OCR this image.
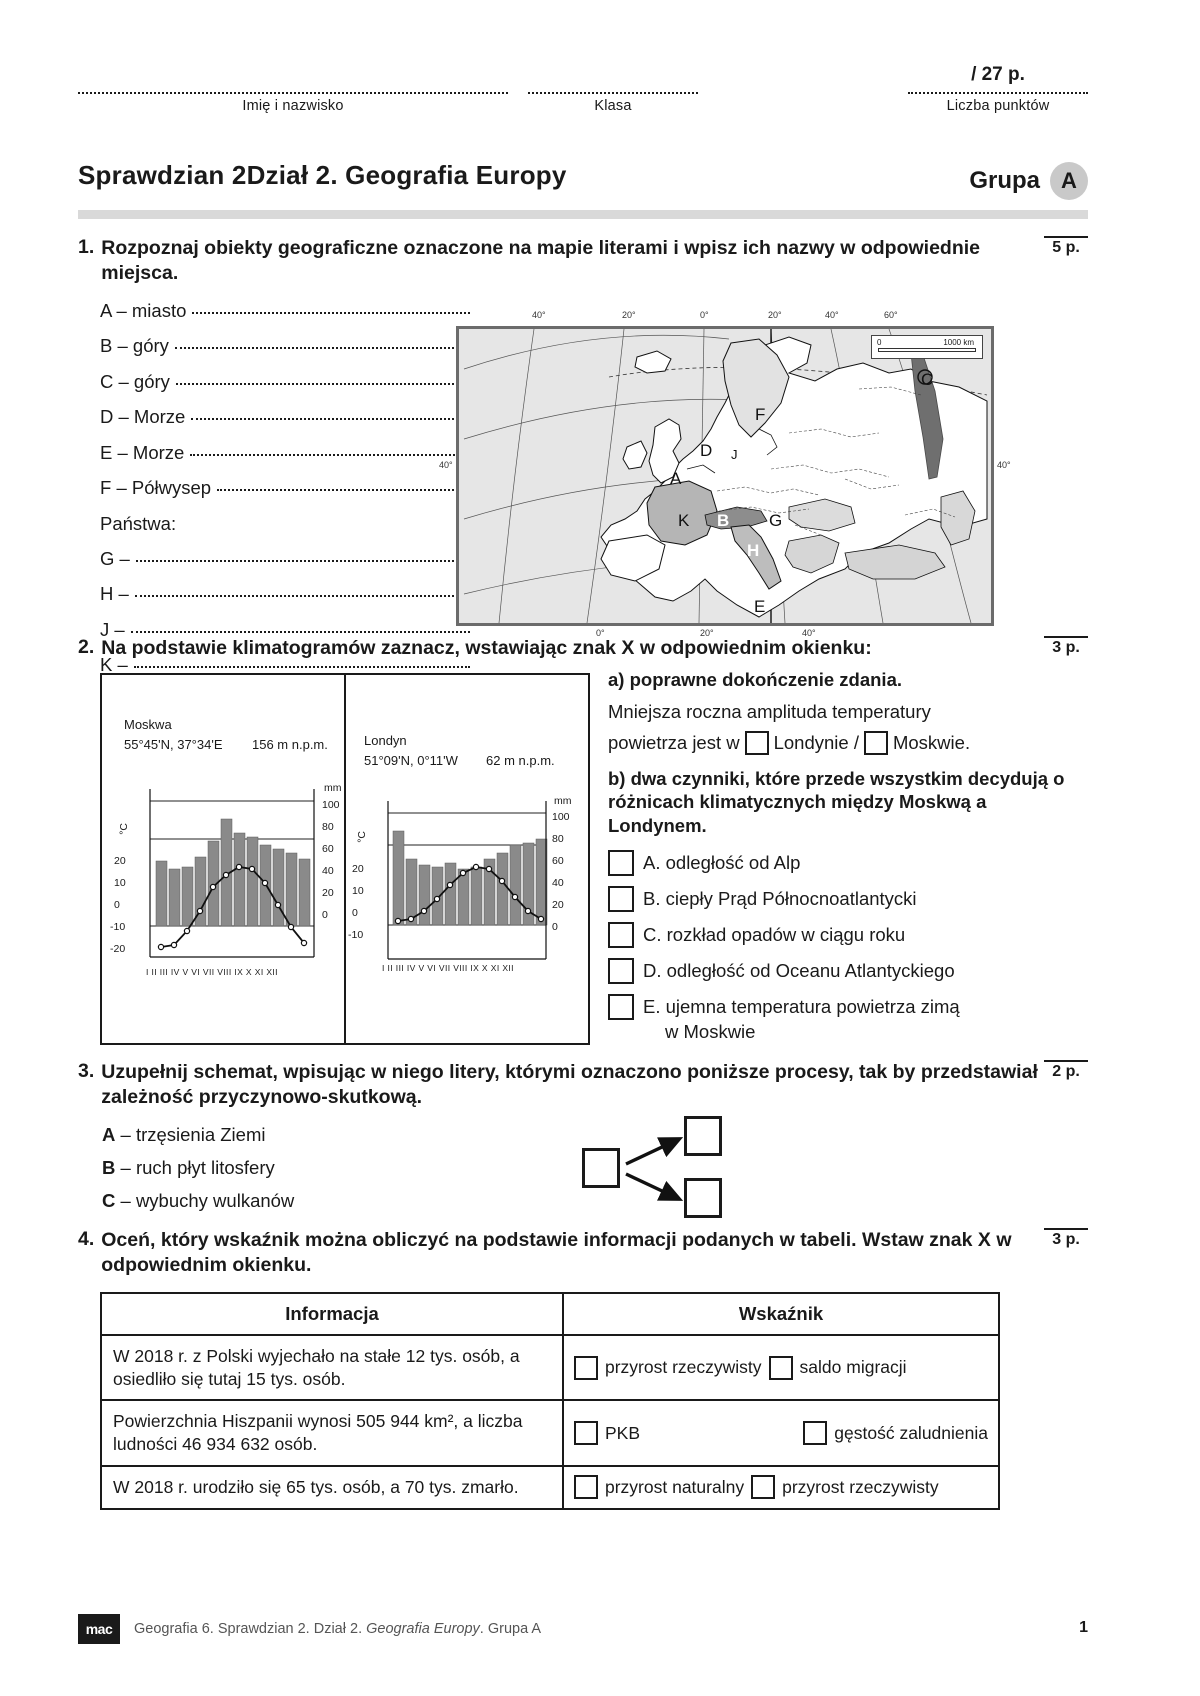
Imię i nazwisko	Klasa
/ 27 p.
Liczba punktów
Sprawdzian 2Dział 2. Geografia Europy	Grupa A
5 p.
1. Rozpoznaj obiekty geograficzne oznaczone na mapie literami i wpisz ich nazwy w odpowiednie miejsca.
A – miasto
B – góry
C – góry
D – Morze
E – Morze
F – Półwysep
Państwa:
G –
H –
J –
K –
40°	20°	0°	20°	40°	60°
0°	20°	40°
40°	40°
A
B
C
D
E
F
G
H
J
K
0	1000 km
3 p.
2. Na podstawie klimatogramów zaznacz, wstawiając znak X w odpowiednim okienku:
Moskwa
55°45'N, 37°34'E 156 m n.p.m.
mm
°C
100
80
60
40
20
0
20
10
0
-10
-20
I II III IV V VI VII VIII IX X XI XII
Londyn
51°09'N, 0°11'W 62 m n.p.m.
mm
°C
100
80
60
40
20
0
20
10
0
-10
I II III IV V VI VII VIII IX X XI XII
a) poprawne dokończenie zdania.
Mniejsza roczna amplituda temperatury
powietrza jest w Londynie / Moskwie.
b) dwa czynniki, które przede wszystkim decydują o różnicach klimatycznych między Moskwą a Londynem.
A. odległość od Alp
B. ciepły Prąd Północnoatlantycki
C. rozkład opadów w ciągu roku
D. odległość od Oceanu Atlantyckiego
E. ujemna temperatura powietrza zimą
w Moskwie
2 p.
3. Uzupełnij schemat, wpisując w niego litery, którymi oznaczono poniższe procesy, tak by przedstawiał zależność przyczynowo-skutkową.
A – trzęsienia Ziemi
B – ruch płyt litosfery
C – wybuchy wulkanów
3 p.
4. Oceń, który wskaźnik można obliczyć na podstawie informacji podanych w tabeli. Wstaw znak X w odpowiednim okienku.
Informacja	Wskaźnik
W 2018 r. z Polski wyjechało na stałe 12 tys. osób, a osiedliło się tutaj 15 tys. osób.	przyrost rzeczywisty saldo migracji

Powierzchnia Hiszpanii wynosi 505 944 km², a liczba ludności 46 934 632 osób.	PKB gęstość zaludnienia

W 2018 r. urodziło się 65 tys. osób, a 70 tys. zmarło.	przyrost naturalny przyrost rzeczywisty
mac	Geografia 6. Sprawdzian 2. Dział 2. Geografia Europy. Grupa A	1
